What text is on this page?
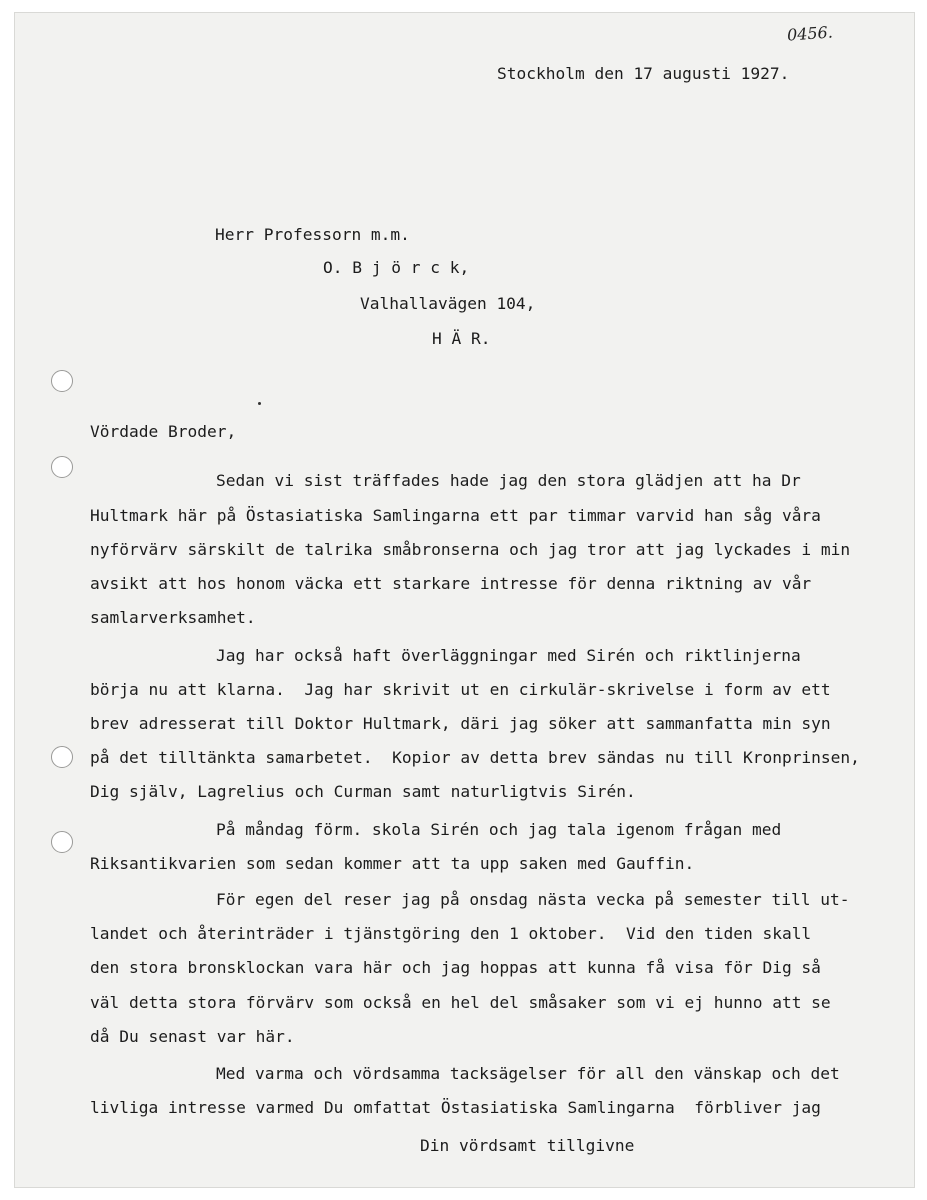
0456.

Stockholm den 17 augusti 1927.

Herr Professorn m.m.

O. B j ö r c k,

Valhallavägen 104,

H Ä R.

Vördade Broder,

Sedan vi sist träffades hade jag den stora glädjen att ha Dr

Hultmark här på Östasiatiska Samlingarna ett par timmar varvid han såg våra

nyförvärv särskilt de talrika småbronserna och jag tror att jag lyckades i min

avsikt att hos honom väcka ett starkare intresse för denna riktning av vår

samlarverksamhet.

Jag har också haft överläggningar med Sirén och riktlinjerna

börja nu att klarna.  Jag har skrivit ut en cirkulär-skrivelse i form av ett

brev adresserat till Doktor Hultmark, däri jag söker att sammanfatta min syn

på det tilltänkta samarbetet.  Kopior av detta brev sändas nu till Kronprinsen,

Dig själv, Lagrelius och Curman samt naturligtvis Sirén.

På måndag förm. skola Sirén och jag tala igenom frågan med

Riksantikvarien som sedan kommer att ta upp saken med Gauffin.

För egen del reser jag på onsdag nästa vecka på semester till ut-

landet och återinträder i tjänstgöring den 1 oktober.  Vid den tiden skall

den stora bronsklockan vara här och jag hoppas att kunna få visa för Dig så

väl detta stora förvärv som också en hel del småsaker som vi ej hunno att se

då Du senast var här.

Med varma och vördsamma tacksägelser för all den vänskap och det

livliga intresse varmed Du omfattat Östasiatiska Samlingarna  förbliver jag

Din vördsamt tillgivne
